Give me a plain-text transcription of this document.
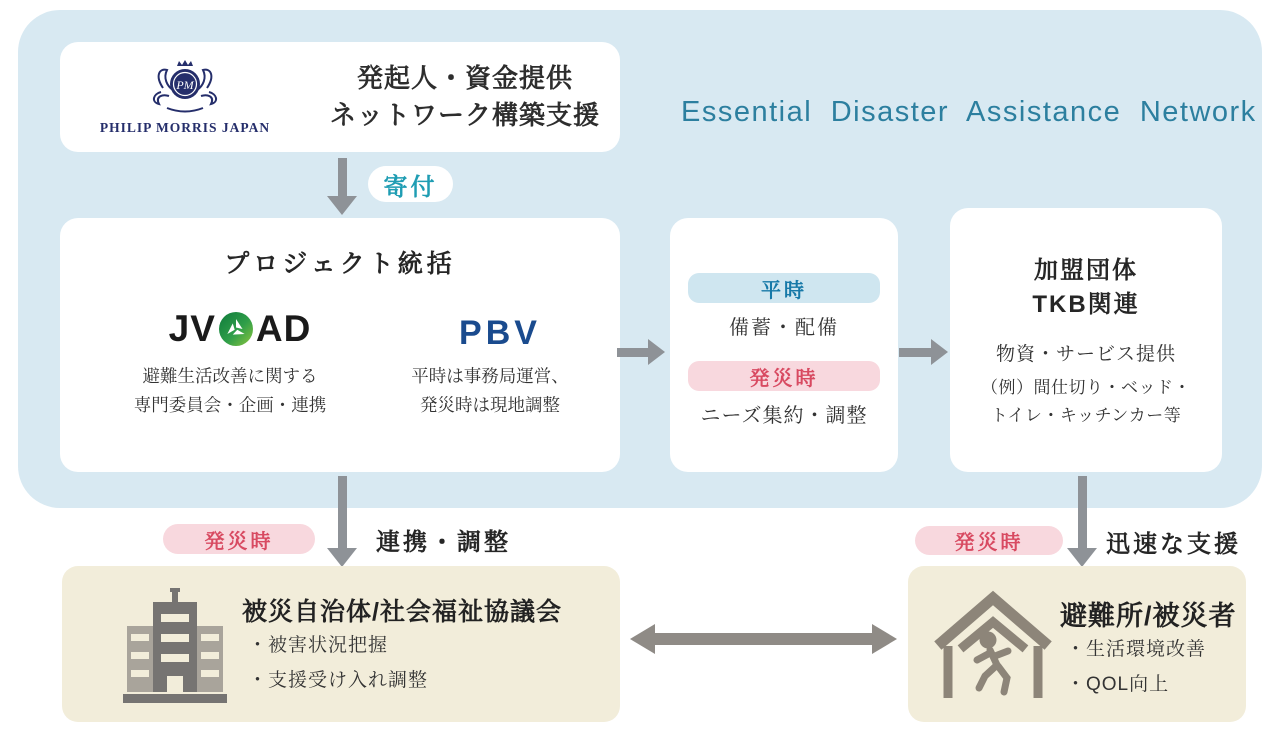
Essential Disaster Assistance Network
PM
PHILIP MORRIS JAPAN
発起人・資金提供
ネットワーク構築支援
寄付
プロジェクト統括
JV AD
避難生活改善に関する
専門委員会・企画・連携
PBV
平時は事務局運営、
発災時は現地調整
平時
備蓄・配備
発災時
ニーズ集約・調整
加盟団体
TKB関連
物資・サービス提供
（例）間仕切り・ベッド・
トイレ・キッチンカー等
発災時	連携・調整	発災時	迅速な支援
被災自治体/社会福祉協議会
・被害状況把握
・支援受け入れ調整
避難所/被災者
・生活環境改善
・QOL向上
